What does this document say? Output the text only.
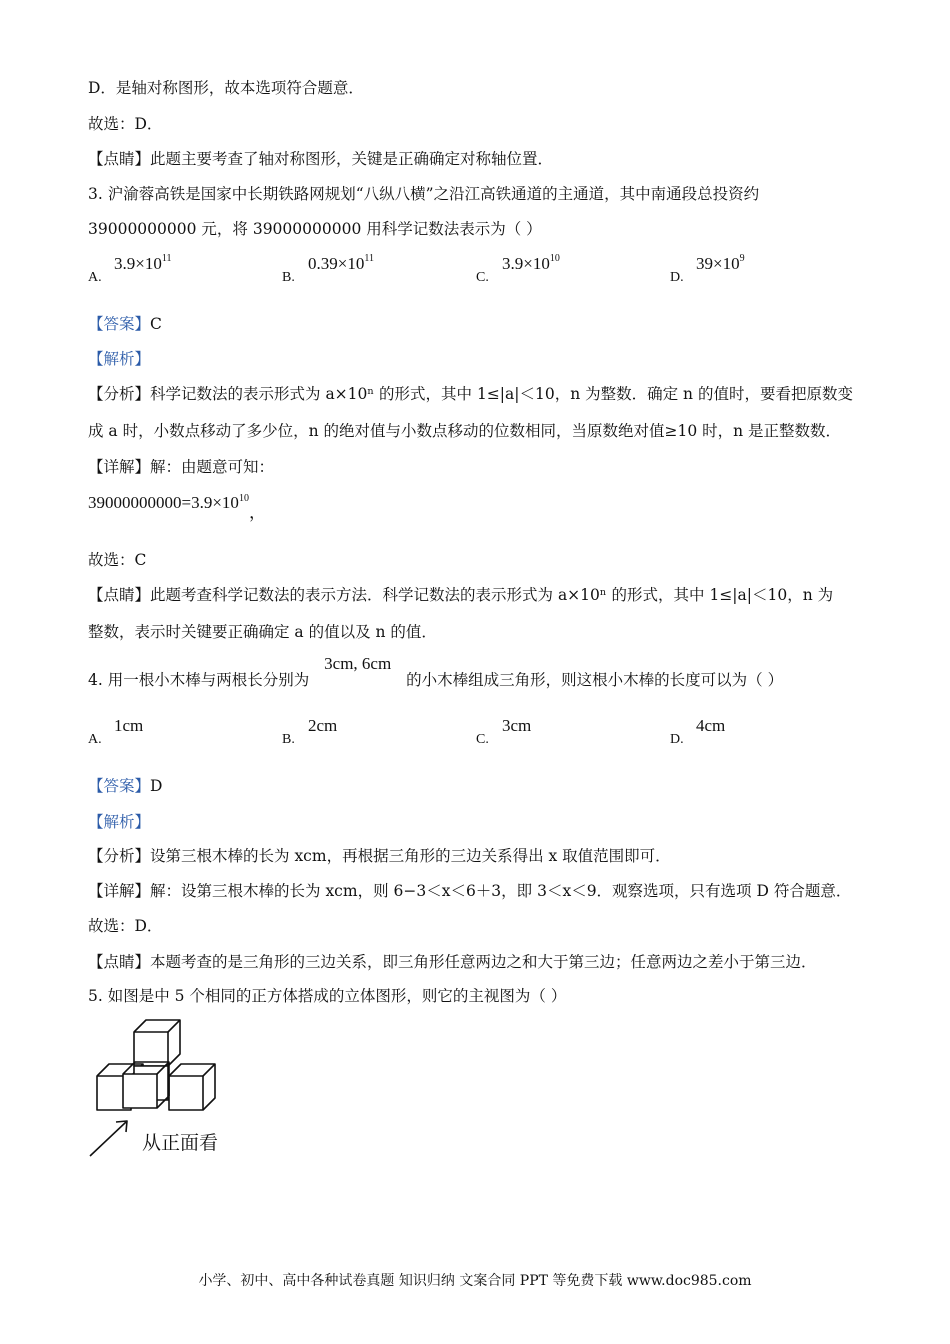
D．是轴对称图形，故本选项符合题意．
故选：D．
【点睛】此题主要考查了轴对称图形，关键是正确确定对称轴位置．
3. 沪渝蓉高铁是国家中长期铁路网规划“八纵八横”之沿江高铁通道的主通道，其中南通段总投资约
39000000000 元，将 39000000000 用科学记数法表示为（ ）
A.
$3.9\times 10^{11}$
B.
$0.39\times 10^{11}$
C.
$3.9\times 10^{10}$
D.
$39\times 10^9$
【答案】C
【解析】
【分析】科学记数法的表示形式为 a×10ⁿ 的形式，其中 1≤|a|＜10，n 为整数．确定 n 的值时，要看把原数变
成 a 时，小数点移动了多少位，n 的绝对值与小数点移动的位数相同，当原数绝对值≥10 时，n 是正整数数．
【详解】解：由题意可知：
$39000000000=3.9\times 10^{10}$，
故选：C
【点睛】此题考查科学记数法的表示方法．科学记数法的表示形式为 a×10ⁿ 的形式，其中 1≤|a|＜10，n 为
整数，表示时关键要正确确定 a 的值以及 n 的值．
4. 用一根小木棒与两根长分别为 3cm, 6cm 的小木棒组成三角形，则这根小木棒的长度可以为（ ）
A.
1cm
B.
2cm
C.
3cm
D.
4cm
【答案】D
【解析】
【分析】设第三根木棒的长为 xcm，再根据三角形的三边关系得出 x 取值范围即可．
【详解】解：设第三根木棒的长为 xcm，则 6−3＜x＜6＋3，即 3＜x＜9．观察选项，只有选项 D 符合题意．
故选：D．
【点睛】本题考查的是三角形的三边关系，即三角形任意两边之和大于第三边；任意两边之差小于第三边．
5. 如图是中 5 个相同的正方体搭成的立体图形，则它的主视图为（ ）
从正面看
小学、初中、高中各种试卷真题 知识归纳 文案合同 PPT 等免费下载 www.doc985.com
